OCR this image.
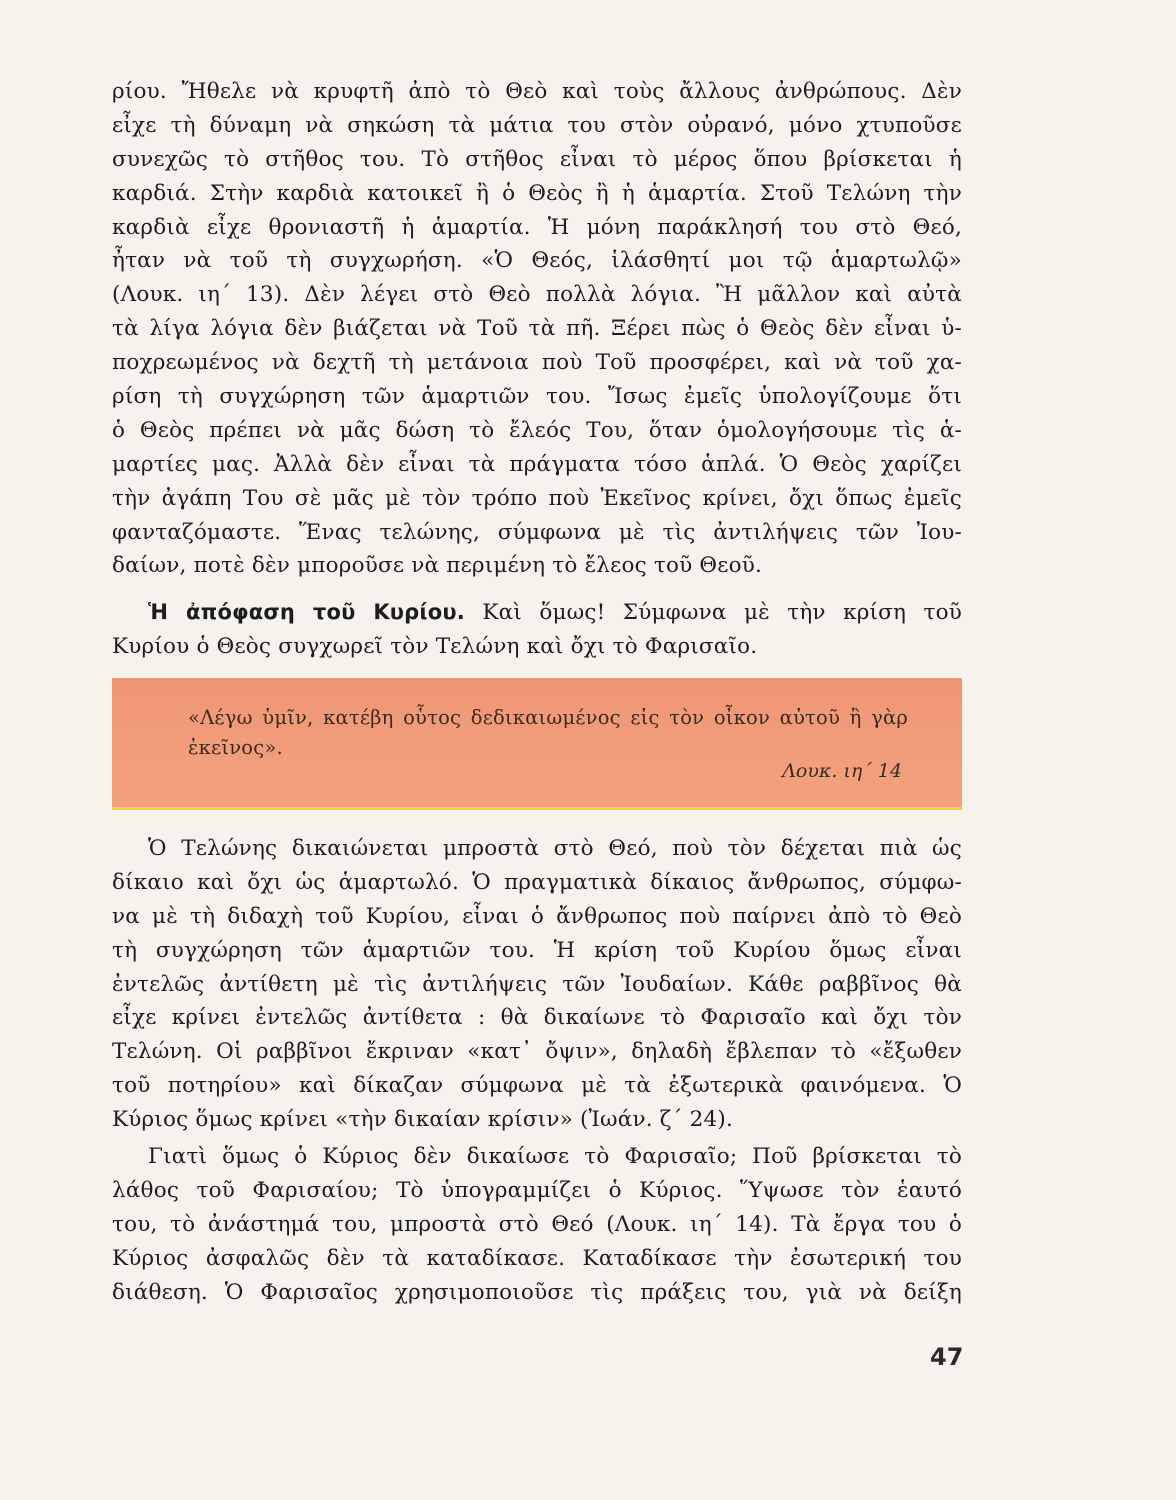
ρίου. Ἤθελε νὰ κρυφτῆ ἀπὸ τὸ Θεὸ καὶ τοὺς ἄλλους ἀνθρώπους. Δὲν
εἶχε τὴ δύναμη νὰ σηκώση τὰ μάτια του στὸν οὐρανό, μόνο χτυποῦσε
συνεχῶς τὸ στῆθος του. Τὸ στῆθος εἶναι τὸ μέρος ὅπου βρίσκεται ἡ
καρδιά. Στὴν καρδιὰ κατοικεῖ ἢ ὁ Θεὸς ἢ ἡ ἁμαρτία. Στοῦ Τελώνη τὴν
καρδιὰ εἶχε θρονιαστῆ ἡ ἁμαρτία. Ἡ μόνη παράκλησή του στὸ Θεό,
ἦταν νὰ τοῦ τὴ συγχωρήση. «Ὁ Θεός, ἱλάσθητί μοι τῷ ἁμαρτωλῷ»
(Λουκ. ιη΄ 13). Δὲν λέγει στὸ Θεὸ πολλὰ λόγια. Ἢ μᾶλλον καὶ αὐτὰ
τὰ λίγα λόγια δὲν βιάζεται νὰ Τοῦ τὰ πῆ. Ξέρει πὼς ὁ Θεὸς δὲν εἶναι ὑ-
ποχρεωμένος νὰ δεχτῆ τὴ μετάνοια ποὺ Τοῦ προσφέρει, καὶ νὰ τοῦ χα-
ρίση τὴ συγχώρηση τῶν ἁμαρτιῶν του. Ἴσως ἐμεῖς ὑπολογίζουμε ὅτι
ὁ Θεὸς πρέπει νὰ μᾶς δώση τὸ ἔλεός Του, ὅταν ὁμολογήσουμε τὶς ἁ-
μαρτίες μας. Ἀλλὰ δὲν εἶναι τὰ πράγματα τόσο ἁπλά. Ὁ Θεὸς χαρίζει
τὴν ἀγάπη Του σὲ μᾶς μὲ τὸν τρόπο ποὺ Ἐκεῖνος κρίνει, ὄχι ὅπως ἐμεῖς
φανταζόμαστε. Ἕνας τελώνης, σύμφωνα μὲ τὶς ἀντιλήψεις τῶν Ἰου-
δαίων, ποτὲ δὲν μποροῦσε νὰ περιμένη τὸ ἔλεος τοῦ Θεοῦ.
Ἡ ἀπόφαση τοῦ Κυρίου. Καὶ ὅμως! Σύμφωνα μὲ τὴν κρίση τοῦ
Κυρίου ὁ Θεὸς συγχωρεῖ τὸν Τελώνη καὶ ὄχι τὸ Φαρισαῖο.
«Λέγω ὑμῖν, κατέβη οὗτος δεδικαιωμένος εἰς τὸν οἶκον αὐτοῦ ἢ γὰρ
ἐκεῖνος».
Λουκ. ιη΄ 14
Ὁ Τελώνης δικαιώνεται μπροστὰ στὸ Θεό, ποὺ τὸν δέχεται πιὰ ὡς
δίκαιο καὶ ὄχι ὡς ἁμαρτωλό. Ὁ πραγματικὰ δίκαιος ἄνθρωπος, σύμφω-
να μὲ τὴ διδαχὴ τοῦ Κυρίου, εἶναι ὁ ἄνθρωπος ποὺ παίρνει ἀπὸ τὸ Θεὸ
τὴ συγχώρηση τῶν ἁμαρτιῶν του. Ἡ κρίση τοῦ Κυρίου ὅμως εἶναι
ἐντελῶς ἀντίθετη μὲ τὶς ἀντιλήψεις τῶν Ἰουδαίων. Κάθε ραββῖνος θὰ
εἶχε κρίνει ἐντελῶς ἀντίθετα : θὰ δικαίωνε τὸ Φαρισαῖο καὶ ὄχι τὸν
Τελώνη. Οἱ ραββῖνοι ἔκριναν «κατ᾽ ὄψιν», δηλαδὴ ἔβλεπαν τὸ «ἔξωθεν
τοῦ ποτηρίου» καὶ δίκαζαν σύμφωνα μὲ τὰ ἐξωτερικὰ φαινόμενα. Ὁ
Κύριος ὅμως κρίνει «τὴν δικαίαν κρίσιν» (Ἰωάν. ζ΄ 24).
Γιατὶ ὅμως ὁ Κύριος δὲν δικαίωσε τὸ Φαρισαῖο; Ποῦ βρίσκεται τὸ
λάθος τοῦ Φαρισαίου; Τὸ ὑπογραμμίζει ὁ Κύριος. Ὕψωσε τὸν ἑαυτό
του, τὸ ἀνάστημά του, μπροστὰ στὸ Θεό (Λουκ. ιη΄ 14). Τὰ ἔργα του ὁ
Κύριος ἀσφαλῶς δὲν τὰ καταδίκασε. Καταδίκασε τὴν ἐσωτερική του
διάθεση. Ὁ Φαρισαῖος χρησιμοποιοῦσε τὶς πράξεις του, γιὰ νὰ δείξη
47
